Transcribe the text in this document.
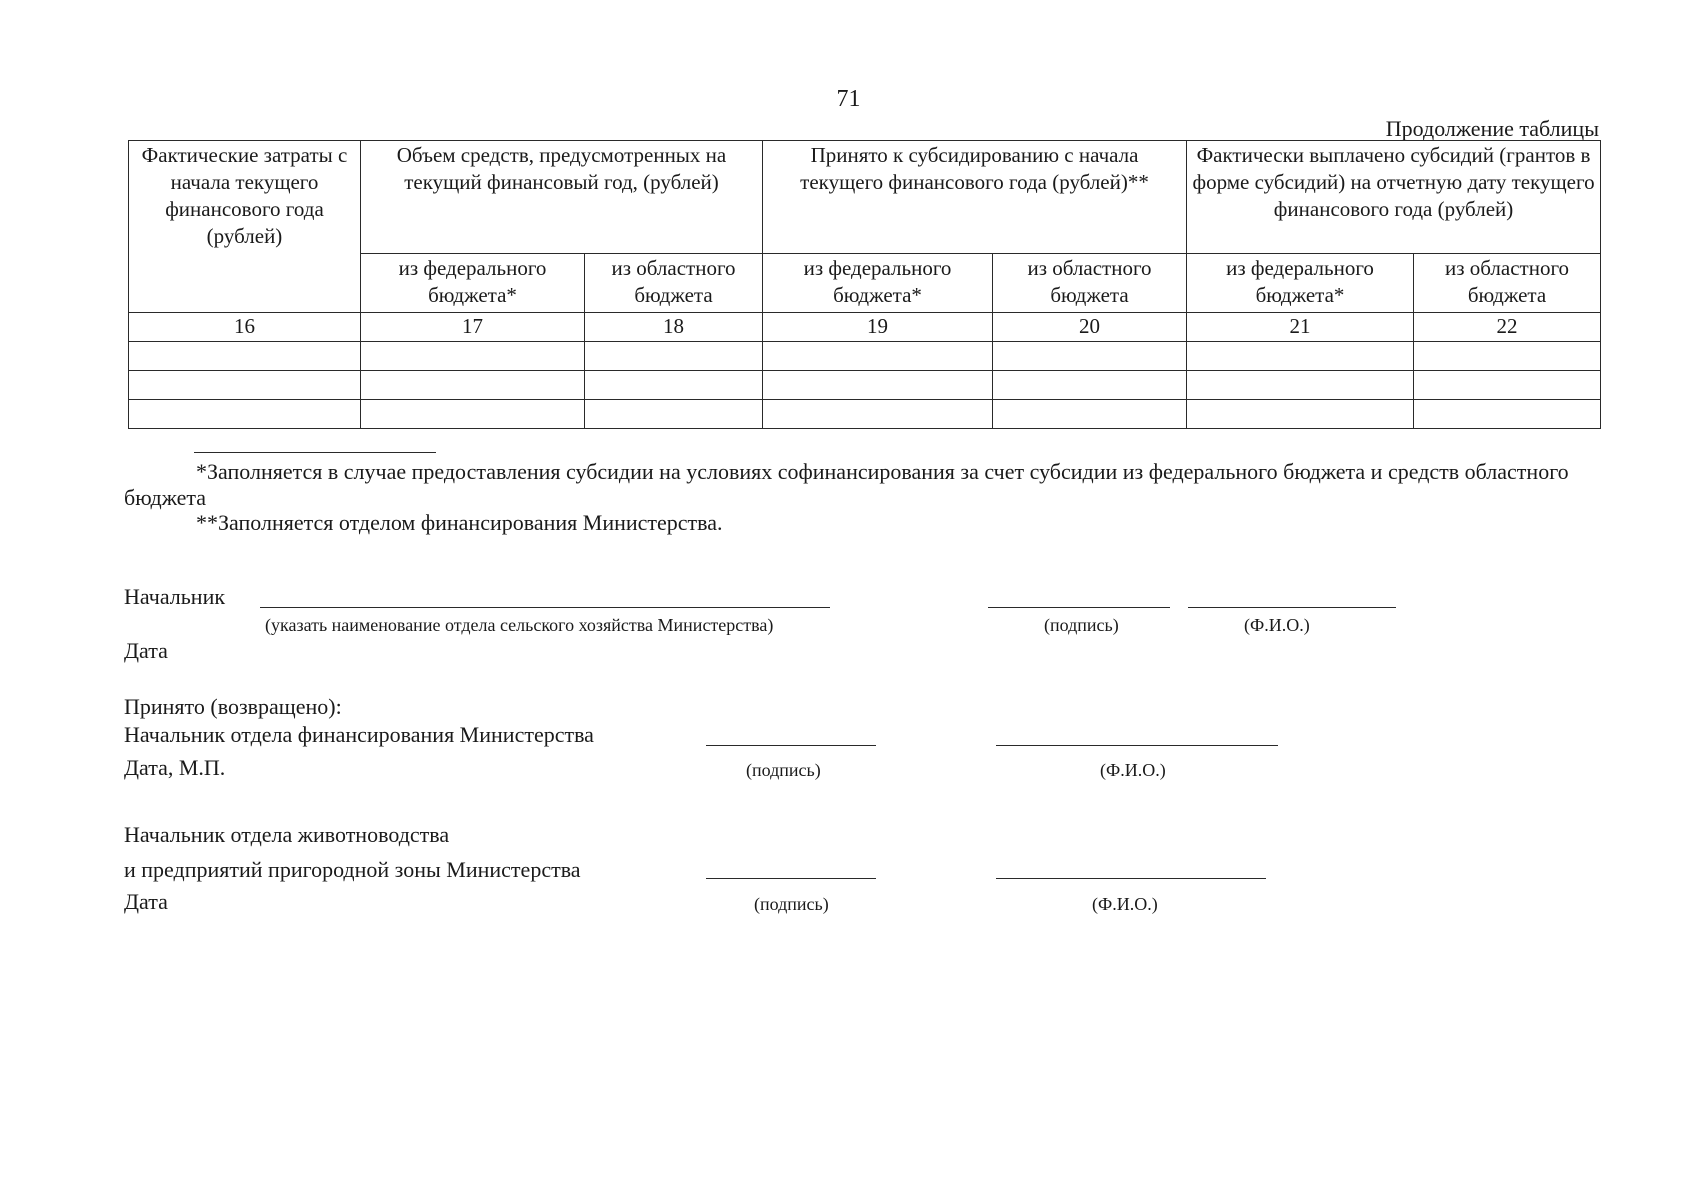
71
Продолжение таблицы
Фактические затраты с начала текущего финансового года (рублей)	Объем средств, предусмотренных на текущий финансовый год, (рублей)		Принято к субсидированию с начала текущего финансового года (рублей)**		Фактически выплачено субсидий (грантов в форме субсидий) на отчетную дату текущего финансового года (рублей)	
	из федерального бюджета*	из областного бюджета	из федерального бюджета*	из областного бюджета	из федерального бюджета*	из областного бюджета
16	17	18	19	20	21	22

*Заполняется в случае предоставления субсидии на условиях софинансирования за счет субсидии из федерального бюджета и средств областного бюджета
**Заполняется отделом финансирования Министерства.
Начальник
(указать наименование отдела сельского хозяйства Министерства)	(подпись)	(Ф.И.О.)
Дата
Принято (возвращено):
Начальник отдела финансирования Министерства
Дата, М.П.	(подпись)	(Ф.И.О.)
Начальник отдела животноводства
и предприятий пригородной зоны Министерства
Дата	(подпись)	(Ф.И.О.)
